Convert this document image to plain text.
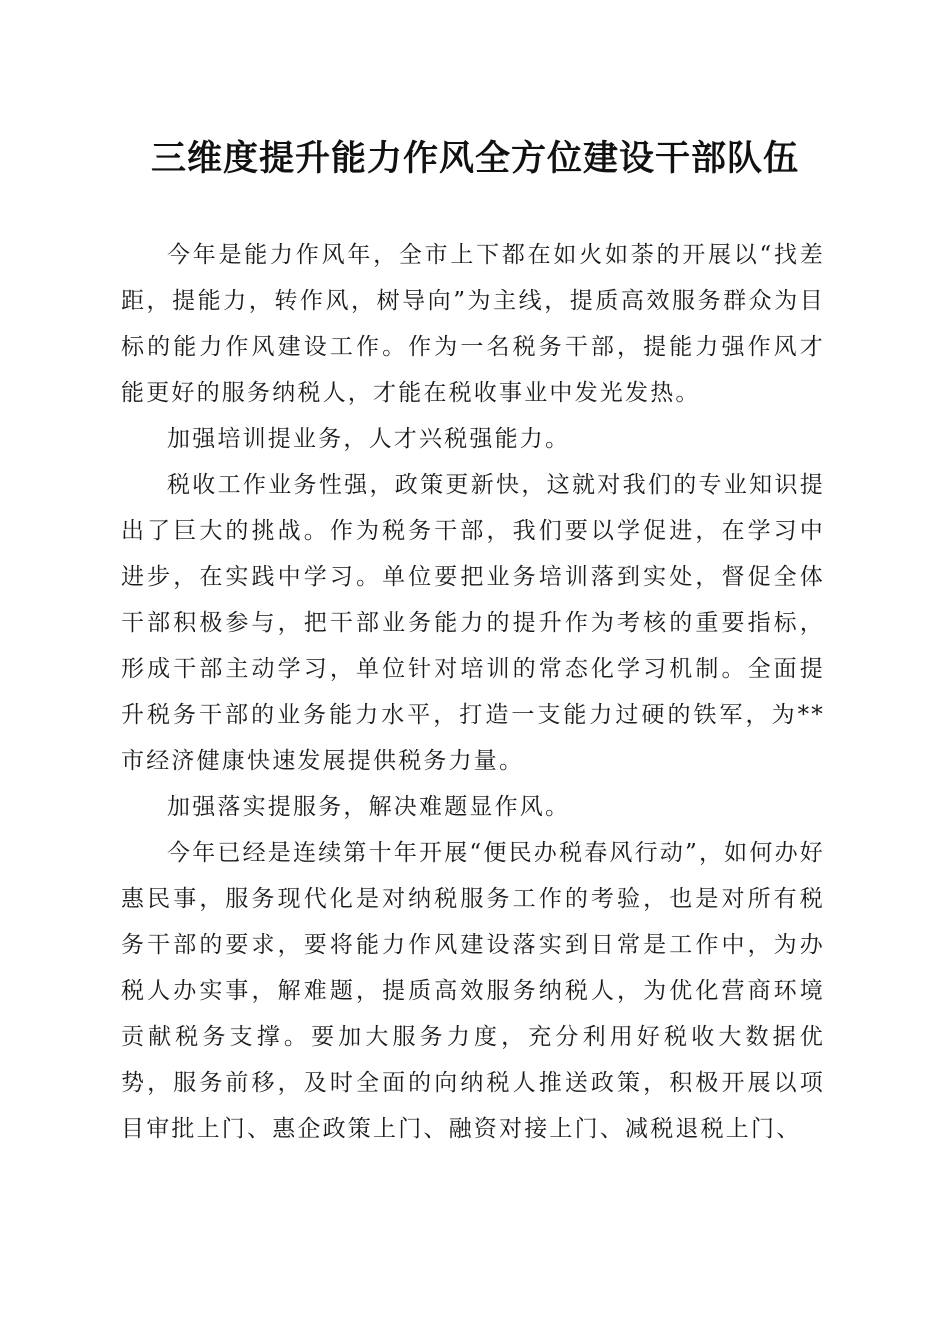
三维度提升能力作风全方位建设干部队伍

今年是能力作风年，全市上下都在如火如荼的开展以“找差距，提能力，转作风，树导向”为主线，提质高效服务群众为目标的能力作风建设工作。作为一名税务干部，提能力强作风才能更好的服务纳税人，才能在税收事业中发光发热。

加强培训提业务，人才兴税强能力。

税收工作业务性强，政策更新快，这就对我们的专业知识提出了巨大的挑战。作为税务干部，我们要以学促进，在学习中进步，在实践中学习。单位要把业务培训落到实处，督促全体干部积极参与，把干部业务能力的提升作为考核的重要指标，形成干部主动学习，单位针对培训的常态化学习机制。全面提升税务干部的业务能力水平，打造一支能力过硬的铁军，为**市经济健康快速发展提供税务力量。

加强落实提服务，解决难题显作风。

今年已经是连续第十年开展“便民办税春风行动”，如何办好惠民事，服务现代化是对纳税服务工作的考验，也是对所有税务干部的要求，要将能力作风建设落实到日常是工作中，为办税人办实事，解难题，提质高效服务纳税人，为优化营商环境贡献税务支撑。要加大服务力度，充分利用好税收大数据优势，服务前移，及时全面的向纳税人推送政策，积极开展以项目审批上门、惠企政策上门、融资对接上门、减税退税上门、
